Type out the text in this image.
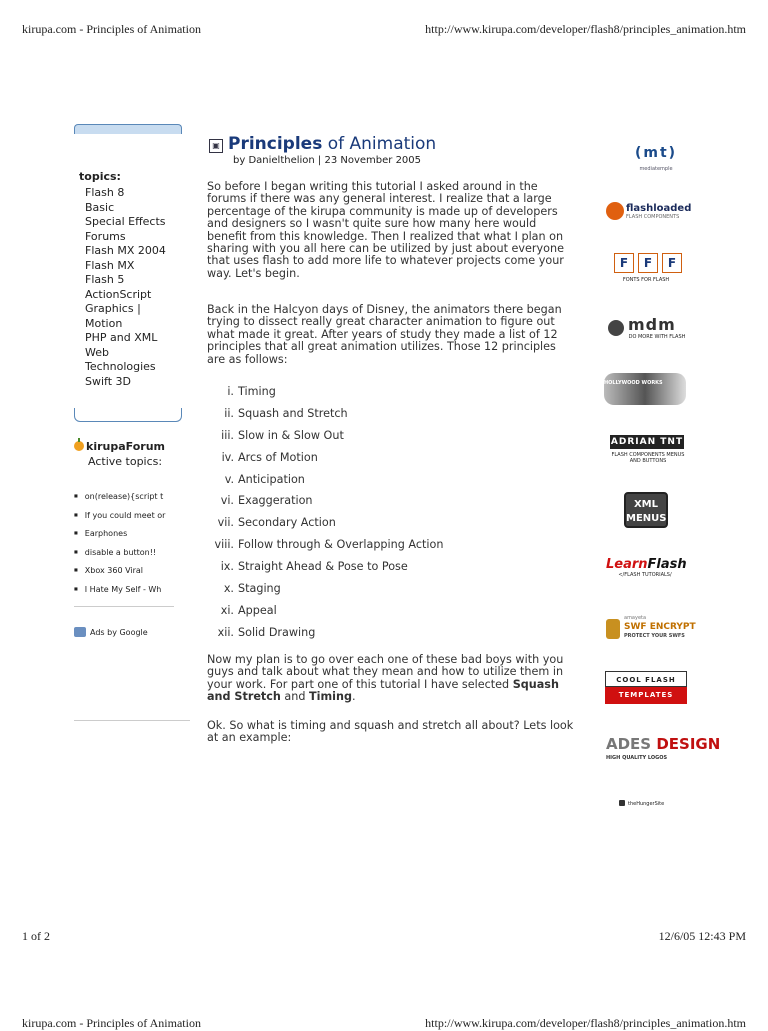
kirupa.com - Principles of Animation	http://www.kirupa.com/developer/flash8/principles_animation.htm
topics:
Flash 8
Basic
Special Effects
Forums
Flash MX 2004
Flash MX
Flash 5
ActionScript
Graphics | Motion
PHP and XML
Web Technologies
Swift 3D
kirupaForum
Active topics:
■ on(release){script t
■ If you could meet or
■ Earphones
■ disable a button!!
■ Xbox 360 Viral
■ I Hate My Self - Wh
Ads by Google
▣ Principles of Animation
by Danielthelion | 23 November 2005

So before I began writing this tutorial I asked around in the forums if there was any general interest. I realize that a large percentage of the kirupa community is made up of developers and designers so I wasn't quite sure how many here would benefit from this knowledge. Then I realized that what I plan on sharing with you all here can be utilized by just about everyone that uses flash to add more life to whatever projects come your way. Let's begin.

Back in the Halcyon days of Disney, the animators there began trying to dissect really great character animation to figure out what made it great. After years of study they made a list of 12 principles that all great animation utilizes. Those 12 principles are as follows:

i. Timing
ii. Squash and Stretch
iii. Slow in & Slow Out
iv. Arcs of Motion
v. Anticipation
vi. Exaggeration
vii. Secondary Action
viii. Follow through & Overlapping Action
ix. Straight Ahead & Pose to Pose
x. Staging
xi. Appeal
xii. Solid Drawing

Now my plan is to go over each one of these bad boys with you guys and talk about what they mean and how to utilize them in your work. For part one of this tutorial I have selected Squash and Stretch and Timing.

Ok. So what is timing and squash and stretch all about? Lets look at an example:

(mt)
mediatemple
flashloaded
FLASH COMPONENTS
F	F	F
FONTS FOR FLASH
mdm
DO MORE WITH FLASH
HOLLYWOOD WORKS
ADRIAN TNT
FLASH COMPONENTS MENUS AND BUTTONS
XML
MENUS
LearnFlash
</FLASH TUTORIALS/
amayeta
SWF ENCRYPT
PROTECT YOUR SWFS
COOL FLASH
TEMPLATES
ADES DESIGN
HIGH QUALITY LOGOS
theHungerSite
1 of 2	12/6/05 12:43 PM
kirupa.com - Principles of Animation	http://www.kirupa.com/developer/flash8/principles_animation.htm
